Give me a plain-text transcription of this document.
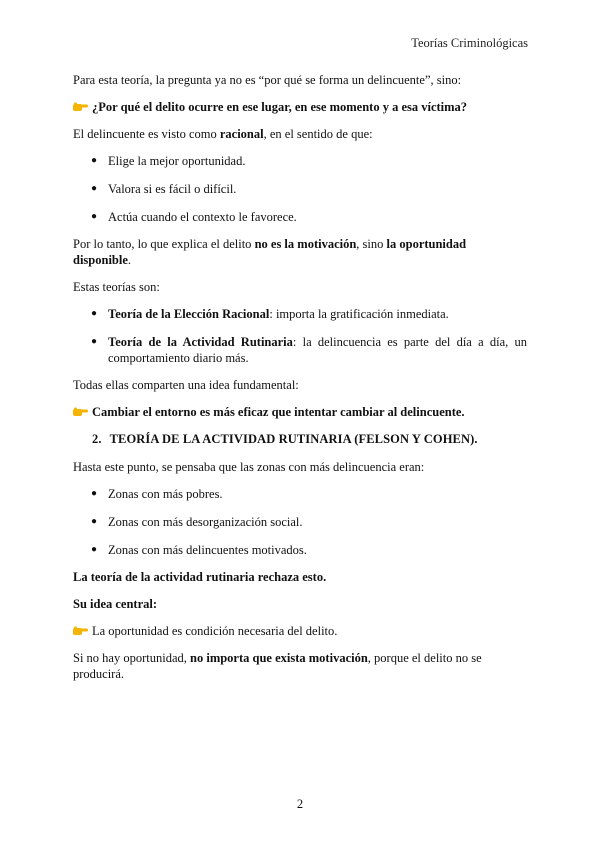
Teorías Criminológicas

Para esta teoría, la pregunta ya no es “por qué se forma un delincuente”, sino:

¿Por qué el delito ocurre en ese lugar, en ese momento y a esa víctima?

El delincuente es visto como racional, en el sentido de que:

● Elige la mejor oportunidad.
● Valora si es fácil o difícil.
● Actúa cuando el contexto le favorece.

Por lo tanto, lo que explica el delito no es la motivación, sino la oportunidad disponible.

Estas teorías son:

● Teoría de la Elección Racional: importa la gratificación inmediata.
● Teoría de la Actividad Rutinaria: la delincuencia es parte del día a día, un comportamiento diario más.

Todas ellas comparten una idea fundamental:

Cambiar el entorno es más eficaz que intentar cambiar al delincuente.

2. TEORÍA DE LA ACTIVIDAD RUTINARIA (FELSON Y COHEN).

Hasta este punto, se pensaba que las zonas con más delincuencia eran:

● Zonas con más pobres.
● Zonas con más desorganización social.
● Zonas con más delincuentes motivados.

La teoría de la actividad rutinaria rechaza esto.

Su idea central:

La oportunidad es condición necesaria del delito.

Si no hay oportunidad, no importa que exista motivación, porque el delito no se producirá.

2
